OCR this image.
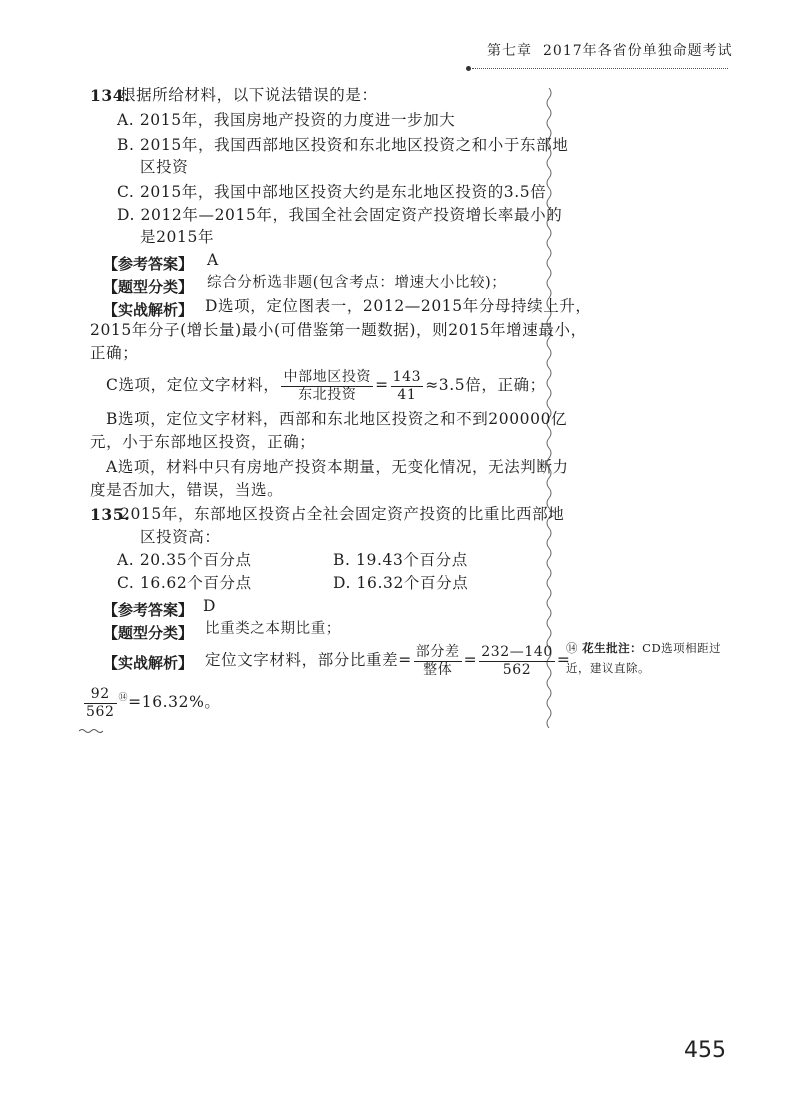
第七章 2017年各省份单独命题考试
134.
根据所给材料，以下说法错误的是：
A. 2015年，我国房地产投资的力度进一步加大
B. 2015年，我国西部地区投资和东北地区投资之和小于东部地
区投资
C. 2015年，我国中部地区投资大约是东北地区投资的3.5倍
D. 2012年—2015年，我国全社会固定资产投资增长率最小的
是2015年
【参考答案】 A
【题型分类】 综合分析选非题(包含考点：增速大小比较)；
【实战解析】 D选项，定位图表一，2012—2015年分母持续上升，
2015年分子(增长量)最小(可借鉴第一题数据)，则2015年增速最小，
正确；
C选项，定位文字材料， $\frac{\text{中部地区投资}}{\text{东北投资}} = \frac{143}{41} \approx 3.5$倍，正确；
B选项，定位文字材料，西部和东北地区投资之和不到200000亿
元，小于东部地区投资，正确；
A选项，材料中只有房地产投资本期量，无变化情况，无法判断力
度是否加大，错误，当选。
135.
2015年，东部地区投资占全社会固定资产投资的比重比西部地
区投资高：
A. 20.35个百分点	B. 19.43个百分点
C. 16.62个百分点	D. 16.32个百分点
【参考答案】 D
【题型分类】 比重类之本期比重；
【实战解析】 定位文字材料，部分比重差= $\frac{\text{部分差}}{\text{整体}} = \frac{232—140}{562}$ =
$\frac{92}{562} ^⑭=16.32\%$。
⑭ 花生批注：CD选项相距过
近，建议直除。
455
